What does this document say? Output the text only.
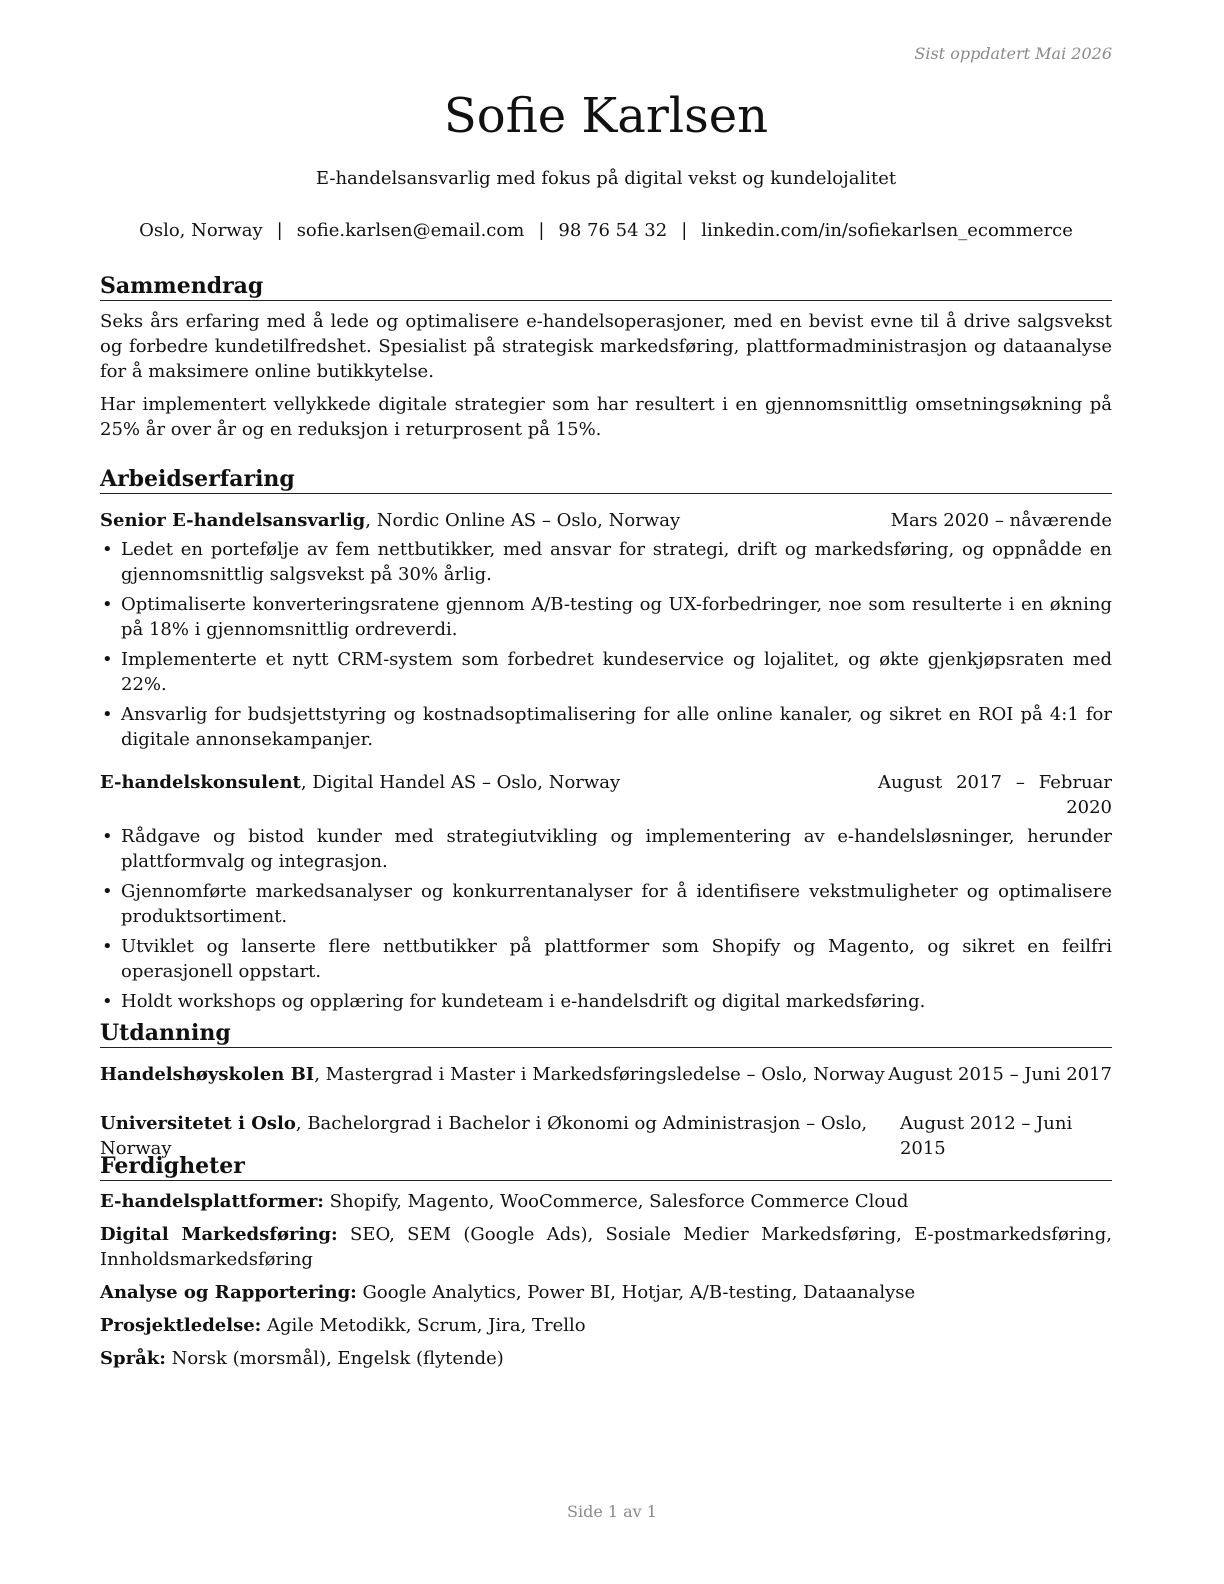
Sist oppdatert Mai 2026
Sofie Karlsen
E-handelsansvarlig med fokus på digital vekst og kundelojalitet
Oslo, Norway | sofie.karlsen@email.com | 98 76 54 32 | linkedin.com/in/sofiekarlsen_ecommerce
Sammendrag

Seks års erfaring med å lede og optimalisere e-handelsoperasjoner, med en bevist evne til å drive salgsvekst og forbedre kundetilfredshet. Spesialist på strategisk markedsføring, plattformadministrasjon og dataanalyse for å maksimere online butikkytelse.

Har implementert vellykkede digitale strategier som har resultert i en gjennomsnittlig omsetningsøkning på 25% år over år og en reduksjon i returprosent på 15%.

Arbeidserfaring
Senior E-handelsansvarlig, Nordic Online AS – Oslo, Norway	Mars 2020 – nåværende
• Ledet en portefølje av fem nettbutikker, med ansvar for strategi, drift og markedsføring, og oppnådde en gjennomsnittlig salgsvekst på 30% årlig.
• Optimaliserte konverteringsratene gjennom A/B-testing og UX-forbedringer, noe som resulterte i en økning på 18% i gjennomsnittlig ordreverdi.
• Implementerte et nytt CRM-system som forbedret kundeservice og lojalitet, og økte gjenkjøpsraten med 22%.
• Ansvarlig for budsjettstyring og kostnadsoptimalisering for alle online kanaler, og sikret en ROI på 4:1 for digitale annonsekampanjer.
E-handelskonsulent, Digital Handel AS – Oslo, Norway	August 2017 – Februar 2020
• Rådgave og bistod kunder med strategiutvikling og implementering av e-handelsløsninger, herunder plattformvalg og integrasjon.
• Gjennomførte markedsanalyser og konkurrentanalyser for å identifisere vekstmuligheter og optimalisere produktsortiment.
• Utviklet og lanserte flere nettbutikker på plattformer som Shopify og Magento, og sikret en feilfri operasjonell oppstart.
• Holdt workshops og opplæring for kundeteam i e-handelsdrift og digital markedsføring.
Utdanning
Handelshøyskolen BI, Mastergrad i Master i Markedsføringsledelse – Oslo, Norway August 2015 – Juni 2017
Universitetet i Oslo, Bachelorgrad i Bachelor i Økonomi og Administrasjon – Oslo, Norway
August 2012 – Juni 2015
Ferdigheter
E-handelsplattformer: Shopify, Magento, WooCommerce, Salesforce Commerce Cloud
Digital Markedsføring: SEO, SEM (Google Ads), Sosiale Medier Markedsføring, E-postmarkedsføring, Innholdsmarkedsføring
Analyse og Rapportering: Google Analytics, Power BI, Hotjar, A/B-testing, Dataanalyse
Prosjektledelse: Agile Metodikk, Scrum, Jira, Trello
Språk: Norsk (morsmål), Engelsk (flytende)
Side 1 av 1
